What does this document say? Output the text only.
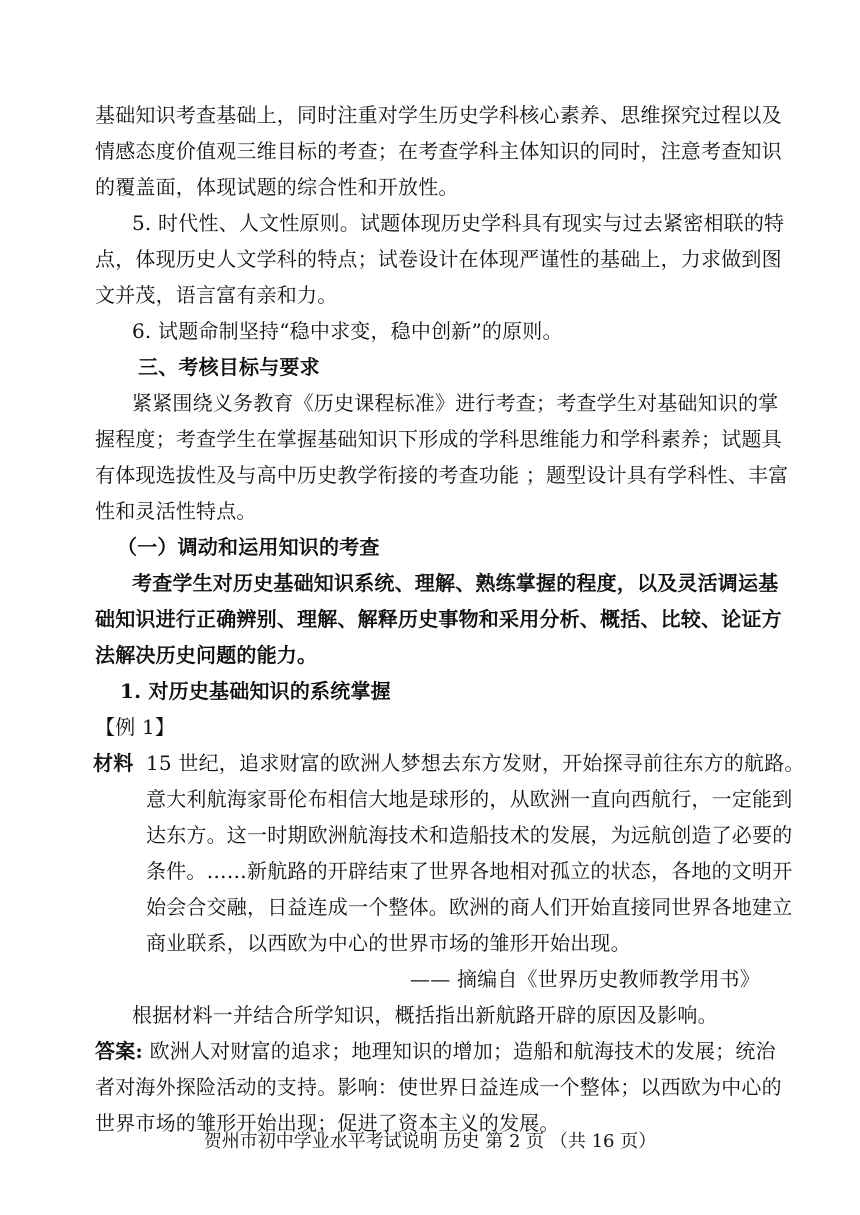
基础知识考查基础上，同时注重对学生历史学科核心素养、思维探究过程以及
情感态度价值观三维目标的考查；在考查学科主体知识的同时，注意考查知识
的覆盖面，体现试题的综合性和开放性。
5. 时代性、人文性原则。试题体现历史学科具有现实与过去紧密相联的特
点，体现历史人文学科的特点；试卷设计在体现严谨性的基础上，力求做到图
文并茂，语言富有亲和力。
6. 试题命制坚持“稳中求变，稳中创新”的原则。
三、考核目标与要求
紧紧围绕义务教育《历史课程标准》进行考查；考查学生对基础知识的掌
握程度；考查学生在掌握基础知识下形成的学科思维能力和学科素养；试题具
有体现选拔性及与高中历史教学衔接的考查功能 ；题型设计具有学科性、丰富
性和灵活性特点。
（一）调动和运用知识的考查
考查学生对历史基础知识系统、理解、熟练掌握的程度，以及灵活调运基
础知识进行正确辨别、理解、解释历史事物和采用分析、概括、比较、论证方
法解决历史问题的能力。
1. 对历史基础知识的系统掌握
【例 1】
材料 15 世纪，追求财富的欧洲人梦想去东方发财，开始探寻前往东方的航路。
意大利航海家哥伦布相信大地是球形的，从欧洲一直向西航行，一定能到
达东方。这一时期欧洲航海技术和造船技术的发展，为远航创造了必要的
条件。……新航路的开辟结束了世界各地相对孤立的状态，各地的文明开
始会合交融，日益连成一个整体。欧洲的商人们开始直接同世界各地建立
商业联系，以西欧为中心的世界市场的雏形开始出现。
—— 摘编自《世界历史教师教学用书》
根据材料一并结合所学知识，概括指出新航路开辟的原因及影响。
答案: 欧洲人对财富的追求；地理知识的增加；造船和航海技术的发展；统治
者对海外探险活动的支持。影响：使世界日益连成一个整体；以西欧为中心的
世界市场的雏形开始出现；促进了资本主义的发展。
贺州市初中学业水平考试说明 历史 第 2 页 （共 16 页）
